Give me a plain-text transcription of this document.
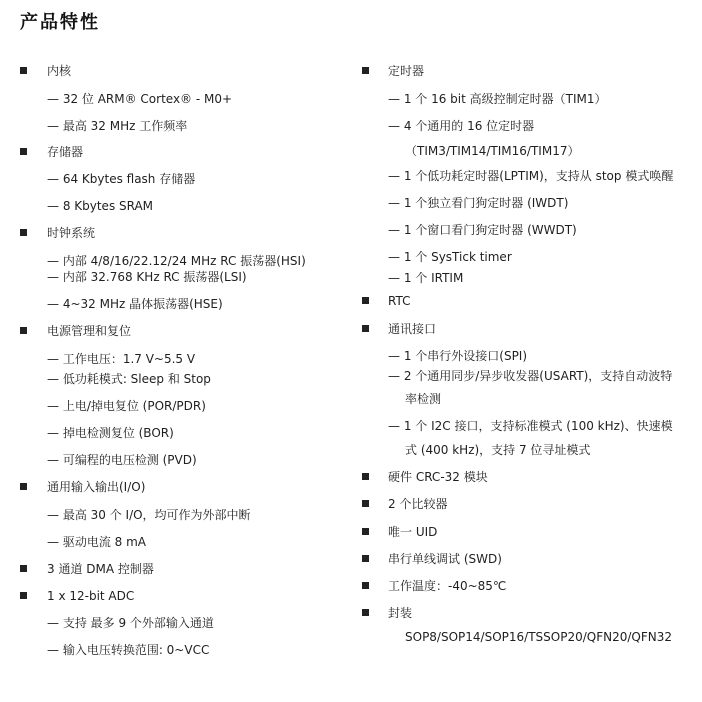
产品特性
内核
— 32 位 ARM® Cortex® - M0+
— 最高 32 MHz 工作频率
存储器
— 64 Kbytes flash 存储器
— 8 Kbytes SRAM
时钟系统
— 内部 4/8/16/22.12/24 MHz RC 振荡器(HSI)
— 内部 32.768 KHz RC 振荡器(LSI)
— 4~32 MHz 晶体振荡器(HSE)
电源管理和复位
— 工作电压：1.7 V~5.5 V
— 低功耗模式: Sleep 和 Stop
— 上电/掉电复位 (POR/PDR)
— 掉电检测复位 (BOR)
— 可编程的电压检测 (PVD)
通用输入输出(I/O)
— 最高 30 个 I/O，均可作为外部中断
— 驱动电流 8 mA
3 通道 DMA 控制器
1 x 12-bit ADC
— 支持 最多 9 个外部输入通道
— 输入电压转换范围: 0~VCC
定时器
— 1 个 16 bit 高级控制定时器（TIM1）
— 4 个通用的 16 位定时器
（TIM3/TIM14/TIM16/TIM17）
— 1 个低功耗定时器(LPTIM)，支持从 stop 模式唤醒
— 1 个独立看门狗定时器 (IWDT)
— 1 个窗口看门狗定时器 (WWDT)
— 1 个 SysTick timer
— 1 个 IRTIM
RTC
通讯接口
— 1 个串行外设接口(SPI)
— 2 个通用同步/异步收发器(USART)，支持自动波特
率检测
— 1 个 I2C 接口，支持标准模式 (100 kHz)、快速模
式 (400 kHz)，支持 7 位寻址模式
硬件 CRC-32 模块
2 个比较器
唯一 UID
串行单线调试 (SWD)
工作温度：-40~85℃
封装
SOP8/SOP14/SOP16/TSSOP20/QFN20/QFN32
